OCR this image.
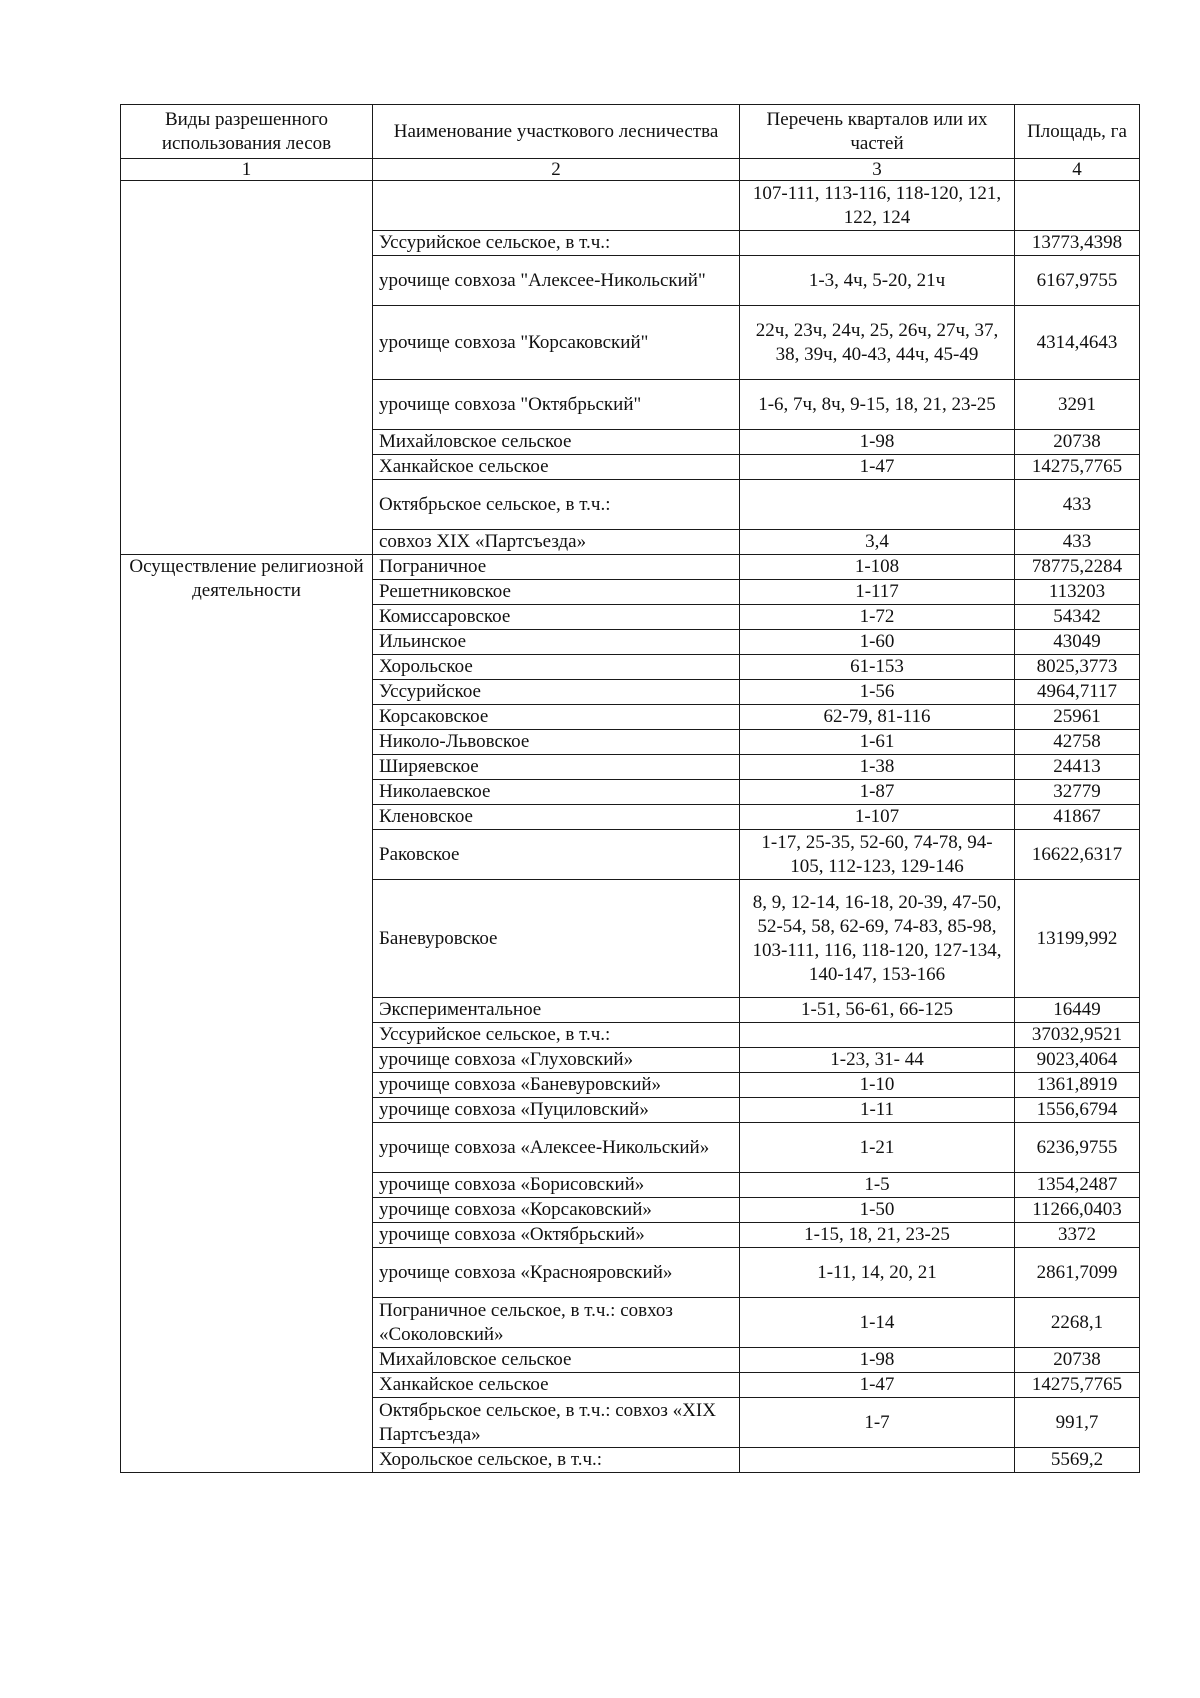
Виды разрешенного использования лесов	Наименование участкового лесничества	Перечень кварталов или их частей	Площадь, га
1	2	3	4
		107-111, 113-116, 118-120, 121, 122, 124	
	Уссурийское сельское, в т.ч.:		13773,4398
	урочище совхоза "Алексее-Никольский"	1-3, 4ч, 5-20, 21ч	6167,9755
	урочище совхоза "Корсаковский"	22ч, 23ч, 24ч, 25, 26ч, 27ч, 37, 38, 39ч, 40-43, 44ч, 45-49	4314,4643
	урочище совхоза "Октябрьский"	1-6, 7ч, 8ч, 9-15, 18, 21, 23-25	3291
	Михайловское сельское	1-98	20738
	Ханкайское сельское	1-47	14275,7765
	Октябрьское сельское, в т.ч.:		433
	совхоз XIX «Партсъезда»	3,4	433
Осуществление религиозной деятельности	Пограничное	1-108	78775,2284
	Решетниковское	1-117	113203
	Комиссаровское	1-72	54342
	Ильинское	1-60	43049
	Хорольское	61-153	8025,3773
	Уссурийское	1-56	4964,7117
	Корсаковское	62-79, 81-116	25961
	Николо-Львовское	1-61	42758
	Ширяевское	1-38	24413
	Николаевское	1-87	32779
	Кленовское	1-107	41867
	Раковское	1-17, 25-35, 52-60, 74-78, 94-105, 112-123, 129-146	16622,6317
	Баневуровское	8, 9, 12-14, 16-18, 20-39, 47-50, 52-54, 58, 62-69, 74-83, 85-98, 103-111, 116, 118-120, 127-134, 140-147, 153-166	13199,992
	Экспериментальное	1-51, 56-61, 66-125	16449
	Уссурийское сельское, в т.ч.:		37032,9521
	урочище совхоза «Глуховский»	1-23, 31- 44	9023,4064
	урочище совхоза «Баневуровский»	1-10	1361,8919
	урочище совхоза «Пуциловский»	1-11	1556,6794
	урочище совхоза «Алексее-Никольский»	1-21	6236,9755
	урочище совхоза «Борисовский»	1-5	1354,2487
	урочище совхоза «Корсаковский»	1-50	11266,0403
	урочище совхоза «Октябрьский»	1-15, 18, 21, 23-25	3372
	урочище совхоза «Краснояровский»	1-11, 14, 20, 21	2861,7099
	Пограничное сельское, в т.ч.: совхоз «Соколовский»	1-14	2268,1
	Михайловское сельское	1-98	20738
	Ханкайское сельское	1-47	14275,7765
	Октябрьское сельское, в т.ч.: совхоз «XIX Партсъезда»	1-7	991,7
	Хорольское сельское, в т.ч.:		5569,2
